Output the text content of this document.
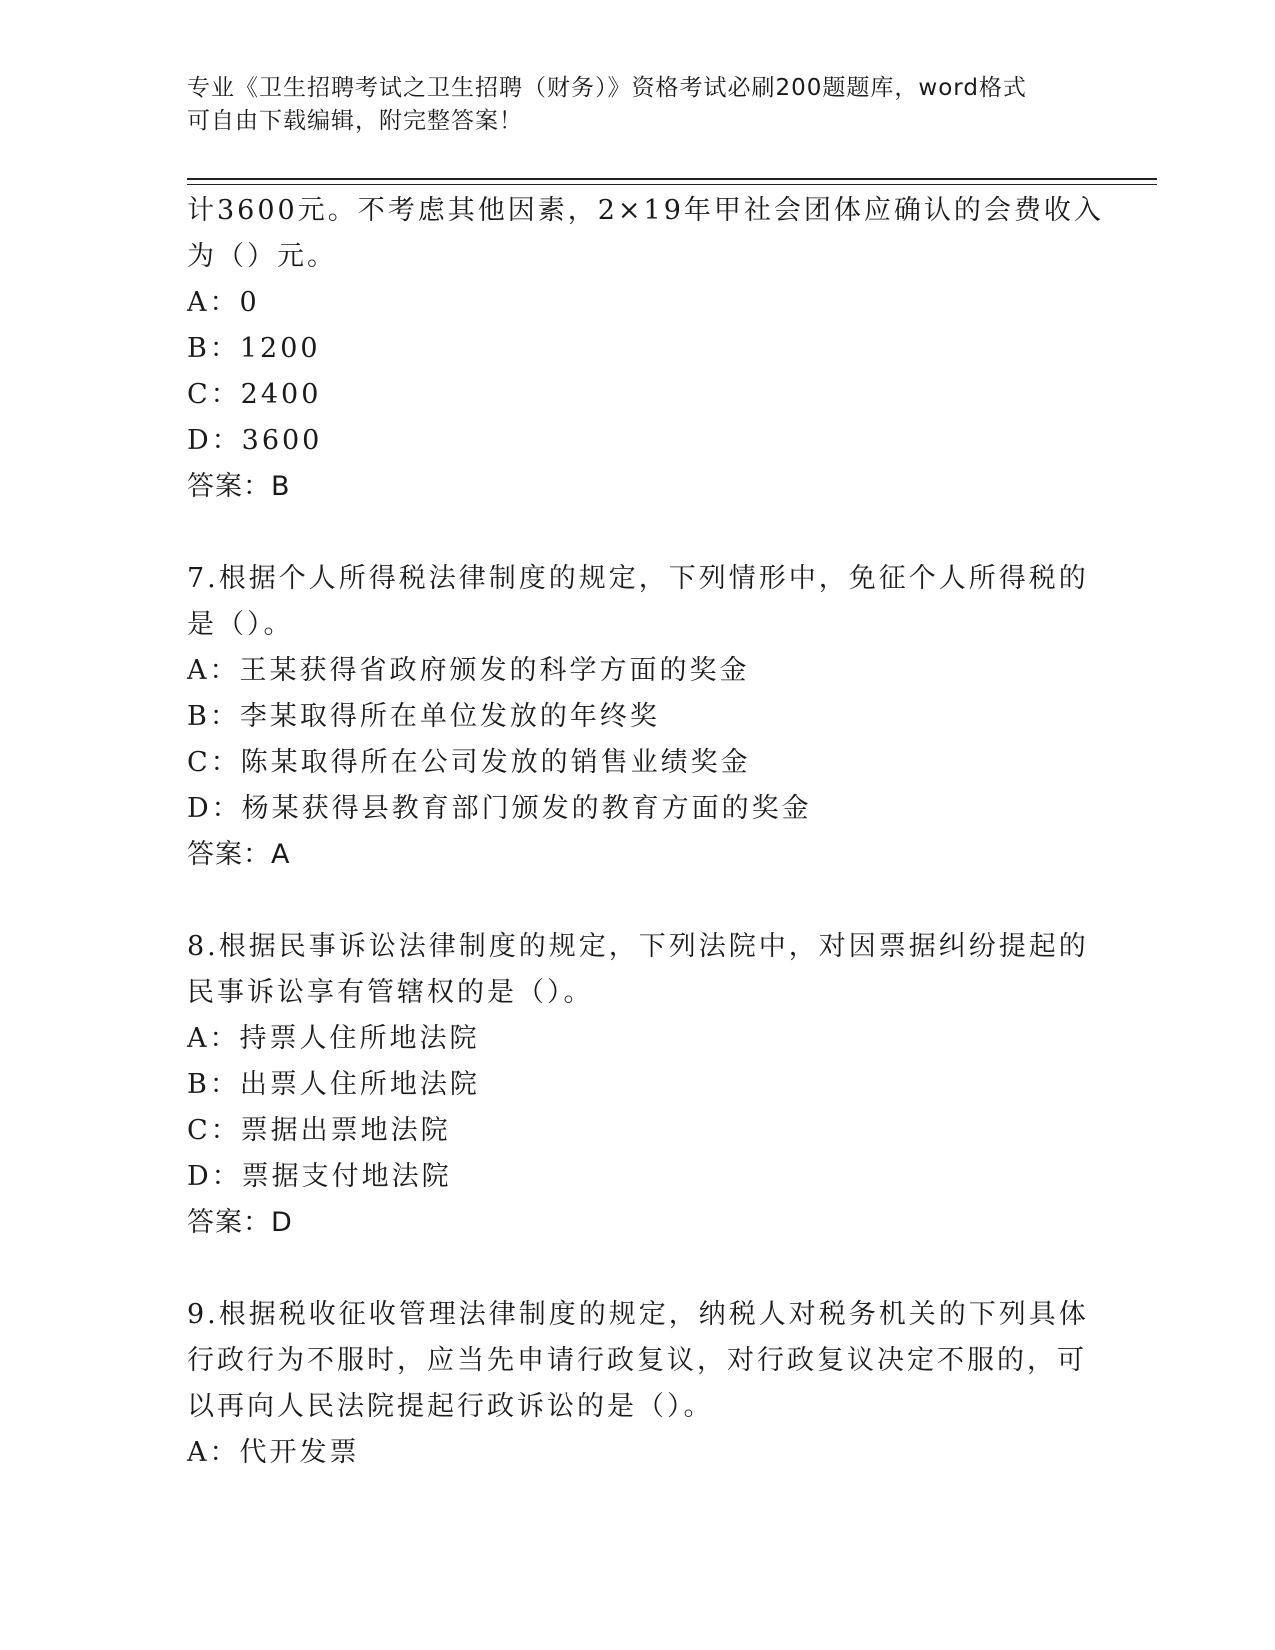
专业《卫生招聘考试之卫生招聘（财务）》资格考试必刷200题题库，word格式
可自由下载编辑，附完整答案！
计3600元。不考虑其他因素，2×19年甲社会团体应确认的会费收入
为（）元。
A：0
B：1200
C：2400
D：3600
答案：B
7.根据个人所得税法律制度的规定，下列情形中，免征个人所得税的
是（）。
A：王某获得省政府颁发的科学方面的奖金
B：李某取得所在单位发放的年终奖
C：陈某取得所在公司发放的销售业绩奖金
D：杨某获得县教育部门颁发的教育方面的奖金
答案：A
8.根据民事诉讼法律制度的规定，下列法院中，对因票据纠纷提起的
民事诉讼享有管辖权的是（）。
A：持票人住所地法院
B：出票人住所地法院
C：票据出票地法院
D：票据支付地法院
答案：D
9.根据税收征收管理法律制度的规定，纳税人对税务机关的下列具体
行政行为不服时，应当先申请行政复议，对行政复议决定不服的，可
以再向人民法院提起行政诉讼的是（）。
A：代开发票
